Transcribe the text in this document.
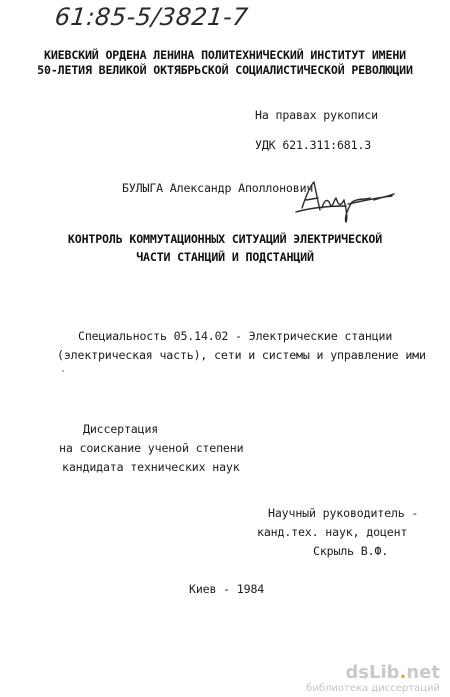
61:85-5/3821-7
КИЕВСКИЙ ОРДЕНА ЛЕНИНА ПОЛИТЕХНИЧЕСКИЙ ИНСТИТУТ ИМЕНИ
50-ЛЕТИЯ ВЕЛИКОЙ ОКТЯБРЬСКОЙ СОЦИАЛИСТИЧЕСКОЙ РЕВОЛЮЦИИ
На правах рукописи
УДК 621.311:681.3
БУЛЫГА Александр Аполлонович
КОНТРОЛЬ КОММУТАЦИОННЫХ СИТУАЦИЙ ЭЛЕКТРИЧЕСКОЙ
ЧАСТИ СТАНЦИЙ И ПОДСТАНЦИЙ
Специальность 05.14.02 - Электрические станции
(электрическая часть), сети и системы и управление ими
Диссертация
на соискание ученой степени
кандидата технических наук
Научный руководитель -
канд.тех. наук, доцент
Скрыль В.Ф.
Киев - 1984
dsLib.net
библиотека диссертаций
